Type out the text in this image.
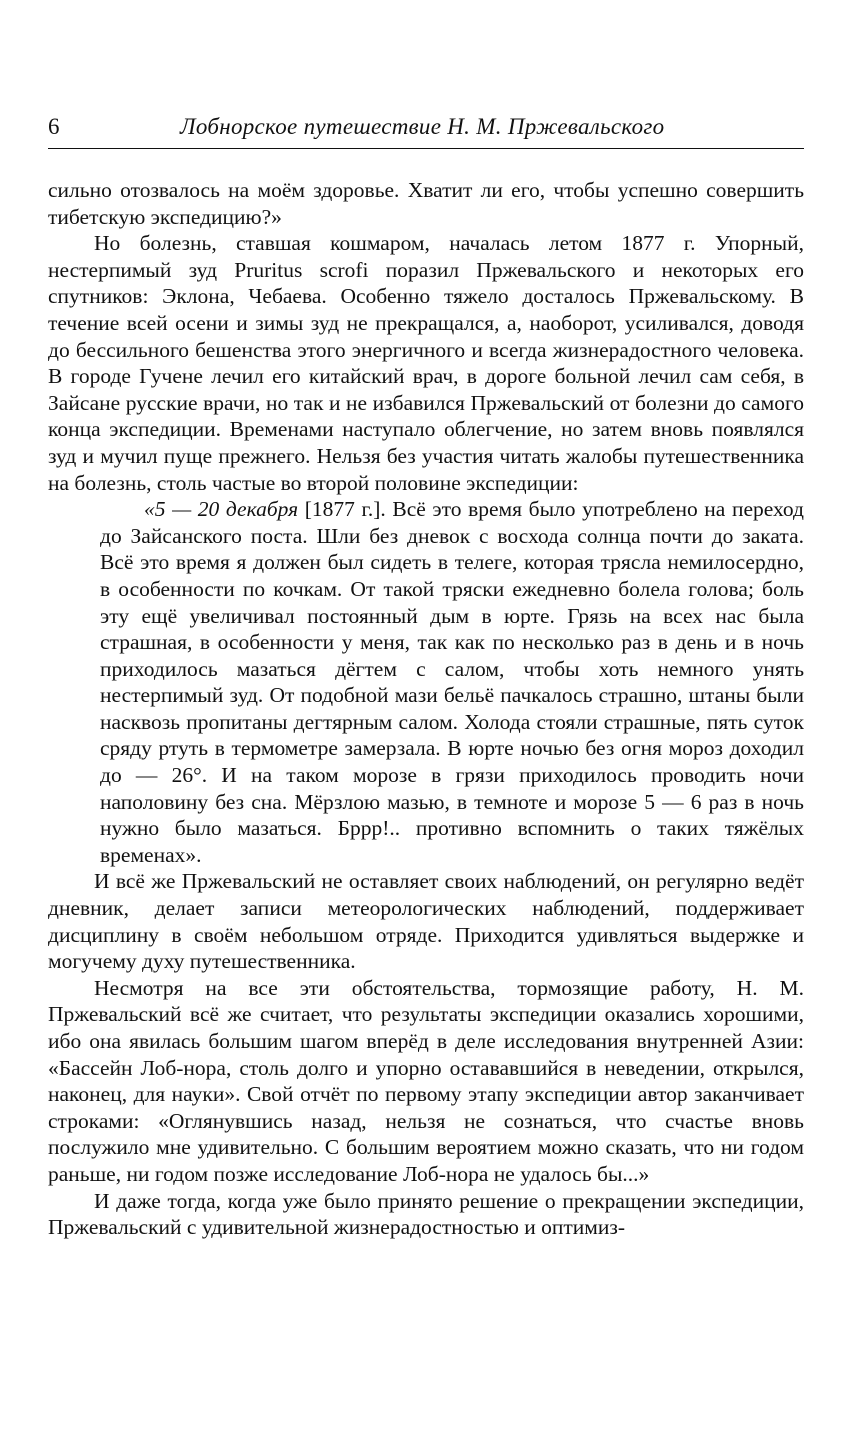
6	Лобнорское путешествие Н. М. Пржевальского

сильно отозвалось на моём здоровье. Хватит ли его, чтобы успешно совершить тибетскую экспедицию?»

Но болезнь, ставшая кошмаром, началась летом 1877 г. Упорный, нестерпимый зуд Pruritus scrofi поразил Пржевальского и некоторых его спутников: Эклона, Чебаева. Особенно тяжело досталось Пржевальскому. В течение всей осени и зимы зуд не прекращался, а, наоборот, усиливался, доводя до бессильного бешенства этого энергичного и всегда жизнерадостного человека. В городе Гучене лечил его китайский врач, в дороге больной лечил сам себя, в Зайсане русские врачи, но так и не избавился Пржевальский от болезни до самого конца экспедиции. Временами наступало облегчение, но затем вновь появлялся зуд и мучил пуще прежнего. Нельзя без участия читать жалобы путешественника на болезнь, столь частые во второй половине экспедиции:

«5 — 20 декабря [1877 г.]. Всё это время было употреблено на переход до Зайсанского поста. Шли без дневок с восхода солнца почти до заката. Всё это время я должен был сидеть в телеге, которая трясла немилосердно, в особенности по кочкам. От такой тряски ежедневно болела голова; боль эту ещё увеличивал постоянный дым в юрте. Грязь на всех нас была страшная, в особенности у меня, так как по несколько раз в день и в ночь приходилось мазаться дёгтем с салом, чтобы хоть немного унять нестерпимый зуд. От подобной мази бельё пачкалось страшно, штаны были насквозь пропитаны дегтярным салом. Холода стояли страшные, пять суток сряду ртуть в термометре замерзала. В юрте ночью без огня мороз доходил до — 26°. И на таком морозе в грязи приходилось проводить ночи наполовину без сна. Мёрзлою мазью, в темноте и морозе 5 — 6 раз в ночь нужно было мазаться. Бррр!.. противно вспомнить о таких тяжёлых временах».

И всё же Пржевальский не оставляет своих наблюдений, он регулярно ведёт дневник, делает записи метеорологических наблюдений, поддерживает дисциплину в своём небольшом отряде. Приходится удивляться выдержке и могучему духу путешественника.

Несмотря на все эти обстоятельства, тормозящие работу, Н. М. Пржевальский всё же считает, что результаты экспедиции оказались хорошими, ибо она явилась большим шагом вперёд в деле исследования внутренней Азии: «Бассейн Лоб-нора, столь долго и упорно остававшийся в неведении, открылся, наконец, для науки». Свой отчёт по первому этапу экспедиции автор заканчивает строками: «Оглянувшись назад, нельзя не сознаться, что счастье вновь послужило мне удивительно. С большим вероятием можно сказать, что ни годом раньше, ни годом позже исследование Лоб-нора не удалось бы...»

И даже тогда, когда уже было принято решение о прекращении экспедиции, Пржевальский с удивительной жизнерадостностью и оптимиз-
